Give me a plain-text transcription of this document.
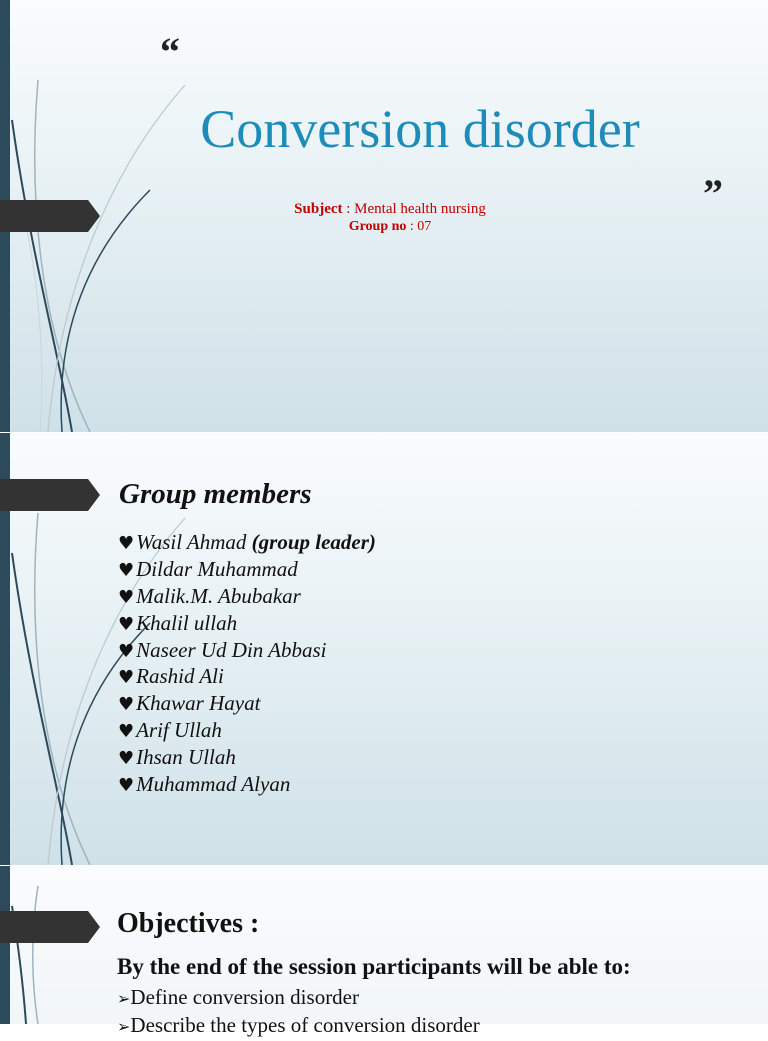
“
Conversion disorder
”
Subject : Mental health nursing
Group no : 07
Group members
♥Wasil Ahmad (group leader)
♥Dildar Muhammad
♥Malik.M. Abubakar
♥Khalil ullah
♥Naseer Ud Din Abbasi
♥Rashid Ali
♥Khawar Hayat
♥Arif Ullah
♥Ihsan Ullah
♥Muhammad Alyan
Objectives :
By the end of the session participants will be able to:
➢Define conversion disorder
➢Describe the types of conversion disorder
